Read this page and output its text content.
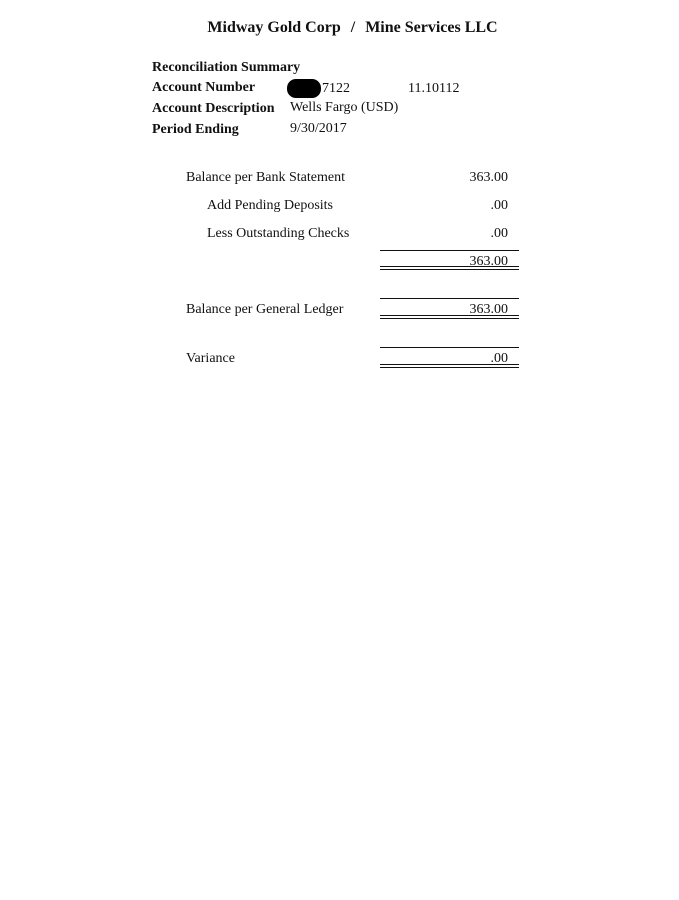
Midway Gold Corp / Mine Services LLC
Reconciliation Summary
Account Number	7122	11.10112
Account Description Wells Fargo (USD)
Period Ending	9/30/2017
Balance per Bank Statement	363.00
Add Pending Deposits	.00
Less Outstanding Checks	.00
363.00
Balance per General Ledger	363.00
Variance	.00
